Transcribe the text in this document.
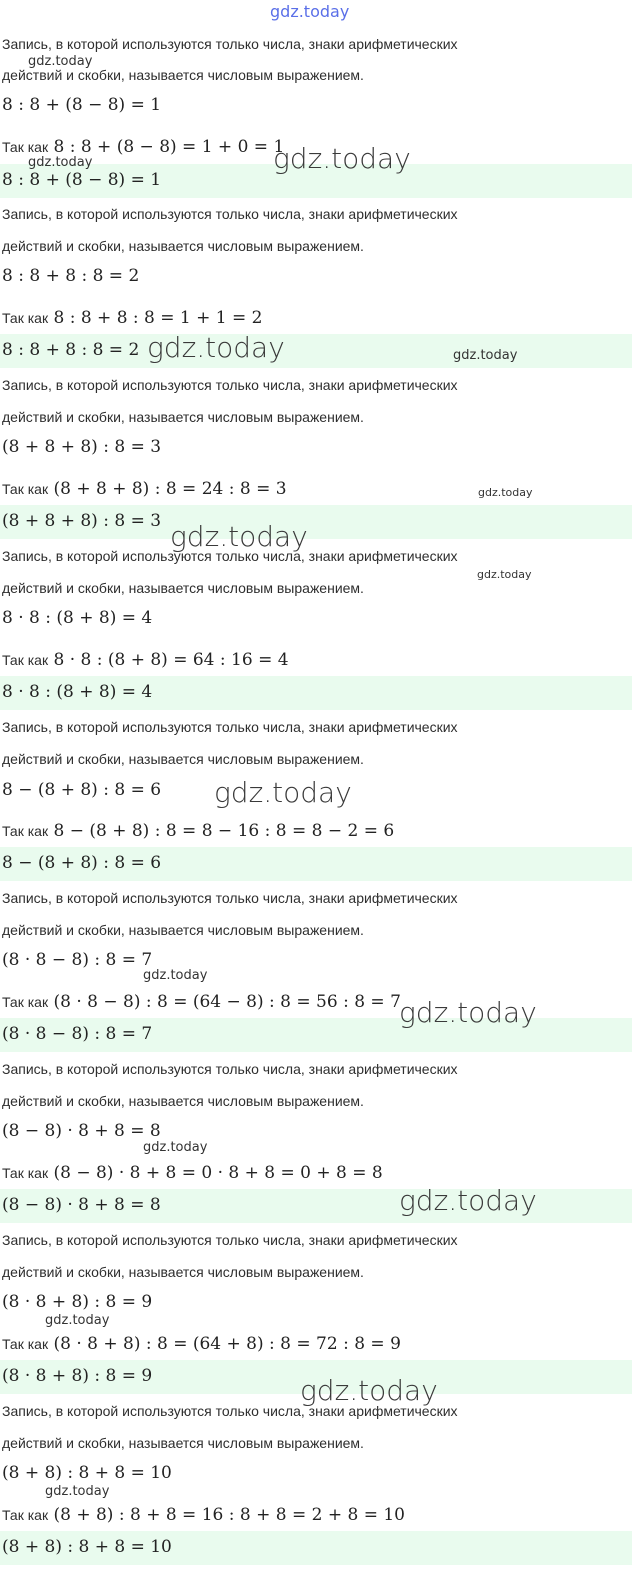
gdz.today
Запись, в которой используются только числа, знаки арифметических
действий и скобки, называется числовым выражением.
8 : 8 + (8 − 8) = 1
Так как 8 : 8 + (8 − 8) = 1 + 0 = 1
8 : 8 + (8 − 8) = 1
Запись, в которой используются только числа, знаки арифметических
действий и скобки, называется числовым выражением.
8 : 8 + 8 : 8 = 2
Так как 8 : 8 + 8 : 8 = 1 + 1 = 2
8 : 8 + 8 : 8 = 2
Запись, в которой используются только числа, знаки арифметических
действий и скобки, называется числовым выражением.
(8 + 8 + 8) : 8 = 3
Так как (8 + 8 + 8) : 8 = 24 : 8 = 3
(8 + 8 + 8) : 8 = 3
Запись, в которой используются только числа, знаки арифметических
действий и скобки, называется числовым выражением.
8 · 8 : (8 + 8) = 4
Так как 8 · 8 : (8 + 8) = 64 : 16 = 4
8 · 8 : (8 + 8) = 4
Запись, в которой используются только числа, знаки арифметических
действий и скобки, называется числовым выражением.
8 − (8 + 8) : 8 = 6
Так как 8 − (8 + 8) : 8 = 8 − 16 : 8 = 8 − 2 = 6
8 − (8 + 8) : 8 = 6
Запись, в которой используются только числа, знаки арифметических
действий и скобки, называется числовым выражением.
(8 · 8 − 8) : 8 = 7
Так как (8 · 8 − 8) : 8 = (64 − 8) : 8 = 56 : 8 = 7
(8 · 8 − 8) : 8 = 7
Запись, в которой используются только числа, знаки арифметических
действий и скобки, называется числовым выражением.
(8 − 8) · 8 + 8 = 8
Так как (8 − 8) · 8 + 8 = 0 · 8 + 8 = 0 + 8 = 8
(8 − 8) · 8 + 8 = 8
Запись, в которой используются только числа, знаки арифметических
действий и скобки, называется числовым выражением.
(8 · 8 + 8) : 8 = 9
Так как (8 · 8 + 8) : 8 = (64 + 8) : 8 = 72 : 8 = 9
(8 · 8 + 8) : 8 = 9
Запись, в которой используются только числа, знаки арифметических
действий и скобки, называется числовым выражением.
(8 + 8) : 8 + 8 = 10
Так как (8 + 8) : 8 + 8 = 16 : 8 + 8 = 2 + 8 = 10
(8 + 8) : 8 + 8 = 10
gdz.today
gdz.today	gdz.today
gdz.today	gdz.today
gdz.today
gdz.today
gdz.today
gdz.today
gdz.today
gdz.today
gdz.today
gdz.today
gdz.today
gdz.today
gdz.today
